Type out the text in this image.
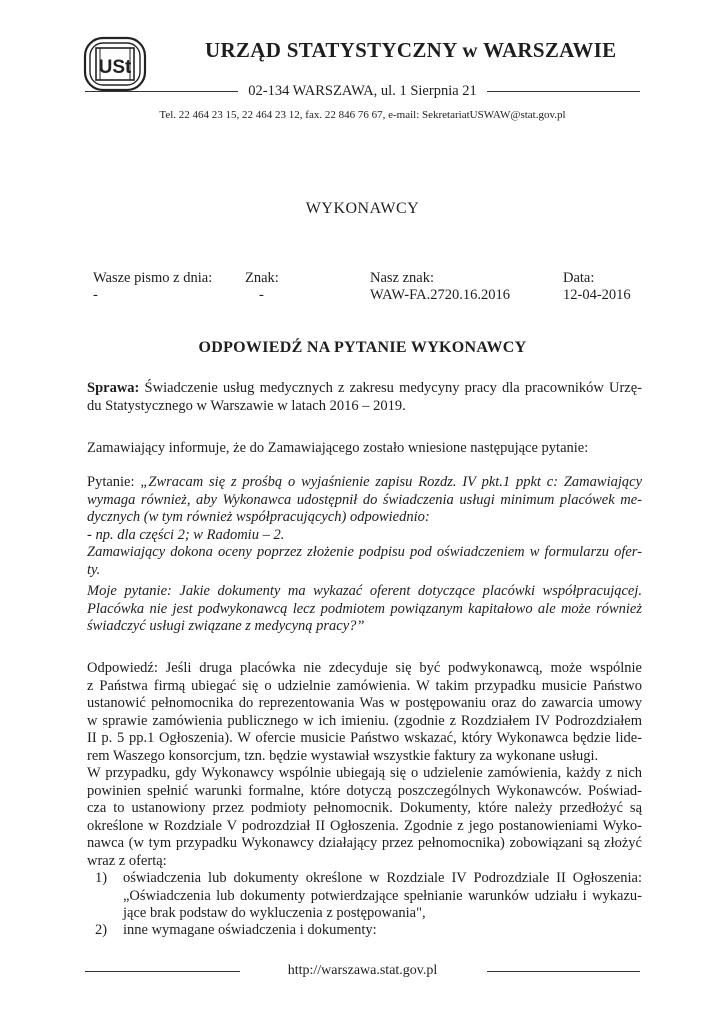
USt
URZĄD STATYSTYCZNY w WARSZAWIE
02-134 WARSZAWA, ul. 1 Sierpnia 21
Tel. 22 464 23 15, 22 464 23 12, fax. 22 846 76 67, e-mail: SekretariatUSWAW@stat.gov.pl
WYKONAWCY
Wasze pismo z dnia:
-
Znak:
-
Nasz znak:
WAW-FA.2720.16.2016
Data:
12-04-2016
ODPOWIEDŹ NA PYTANIE WYKONAWCY
Sprawa: Świadczenie usług medycznych z zakresu medycyny pracy dla pracowników Urzę-
du Statystycznego w Warszawie w latach 2016 – 2019.
Zamawiający informuje, że do Zamawiającego zostało wniesione następujące pytanie:
Pytanie: „Zwracam się z prośbą o wyjaśnienie zapisu Rozdz. IV pkt.1 ppkt c: Zamawiający
wymaga również, aby Wykonawca udostępnił do świadczenia usługi minimum placówek me-
dycznych (w tym również współpracujących) odpowiednio:
- np. dla części 2; w Radomiu – 2.
Zamawiający dokona oceny poprzez złożenie podpisu pod oświadczeniem w formularzu ofer-
ty.
Moje pytanie: Jakie dokumenty ma wykazać oferent dotyczące placówki współpracującej.
Placówka nie jest podwykonawcą lecz podmiotem powiązanym kapitałowo ale może również
świadczyć usługi związane z medycyną pracy?”
Odpowiedź: Jeśli druga placówka nie zdecyduje się być podwykonawcą, może wspólnie
z Państwa firmą ubiegać się o udzielnie zamówienia. W takim przypadku musicie Państwo
ustanowić pełnomocnika do reprezentowania Was w postępowaniu oraz do zawarcia umowy
w sprawie zamówienia publicznego w ich imieniu. (zgodnie z Rozdziałem IV Podrozdziałem
II p. 5 pp.1 Ogłoszenia). W ofercie musicie Państwo wskazać, który Wykonawca będzie lide-
rem Waszego konsorcjum, tzn. będzie wystawiał wszystkie faktury za wykonane usługi.
W przypadku, gdy Wykonawcy wspólnie ubiegają się o udzielenie zamówienia, każdy z nich
powinien spełnić warunki formalne, które dotyczą poszczególnych Wykonawców. Poświad-
cza to ustanowiony przez podmioty pełnomocnik. Dokumenty, które należy przedłożyć są
określone w Rozdziale V podrozdział II Ogłoszenia. Zgodnie z jego postanowieniami Wyko-
nawca (w tym przypadku Wykonawcy działający przez pełnomocnika) zobowiązani są złożyć
wraz z ofertą:
1) oświadczenia lub dokumenty określone w Rozdziale IV Podrozdziale II Ogłoszenia:
„Oświadczenia lub dokumenty potwierdzające spełnianie warunków udziału i wykazu-
jące brak podstaw do wykluczenia z postępowania",
2) inne wymagane oświadczenia i dokumenty:
http://warszawa.stat.gov.pl
